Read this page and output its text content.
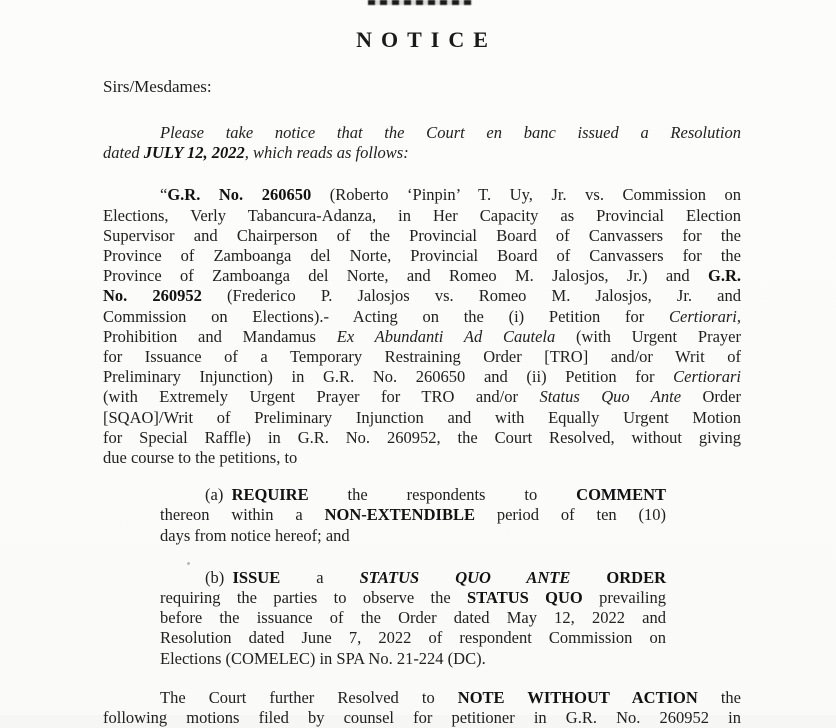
NOTICE
Sirs/Mesdames:
Please take notice that the Court en banc issued a Resolution
dated JULY 12, 2022, which reads as follows:
“G.R. No. 260650 (Roberto ‘Pinpin’ T. Uy, Jr. vs. Commission on
Elections, Verly Tabancura-Adanza, in Her Capacity as Provincial Election
Supervisor and Chairperson of the Provincial Board of Canvassers for the
Province of Zamboanga del Norte, Provincial Board of Canvassers for the
Province of Zamboanga del Norte, and Romeo M. Jalosjos, Jr.) and G.R.
No. 260952 (Frederico P. Jalosjos vs. Romeo M. Jalosjos, Jr. and
Commission on Elections).- Acting on the (i) Petition for Certiorari,
Prohibition and Mandamus Ex Abundanti Ad Cautela (with Urgent Prayer
for Issuance of a Temporary Restraining Order [TRO] and/or Writ of
Preliminary Injunction) in G.R. No. 260650 and (ii) Petition for Certiorari
(with Extremely Urgent Prayer for TRO and/or Status Quo Ante Order
[SQAO]/Writ of Preliminary Injunction and with Equally Urgent Motion
for Special Raffle) in G.R. No. 260952, the Court Resolved, without giving
due course to the petitions, to
(a) REQUIRE the respondents to COMMENT
thereon within a NON-EXTENDIBLE period of ten (10)
days from notice hereof; and
(b) ISSUE a STATUS QUO ANTE ORDER
requiring the parties to observe the STATUS QUO prevailing
before the issuance of the Order dated May 12, 2022 and
Resolution dated June 7, 2022 of respondent Commission on
Elections (COMELEC) in SPA No. 21-224 (DC).
The Court further Resolved to NOTE WITHOUT ACTION the
following motions filed by counsel for petitioner in G.R. No. 260952 in
